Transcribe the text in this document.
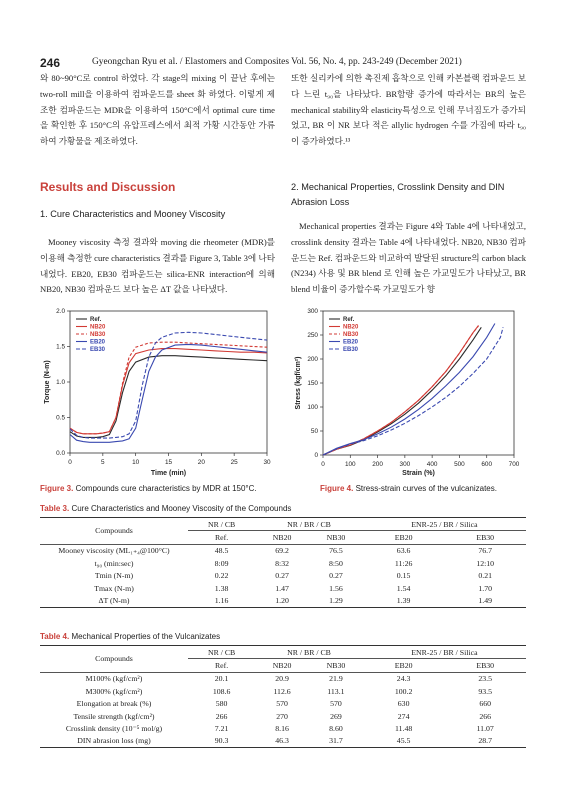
246	Gyeongchan Ryu et al. / Elastomers and Composites Vol. 56, No. 4, pp. 243-249 (December 2021)

와 80~90°C로 control 하였다. 각 stage의 mixing 이 끝난 후에는 two-roll mill을 이용하여 컴파운드를 sheet 화 하였다. 이렇게 제조한 컴파운드는 MDR을 이용하여 150°C에서 optimal cure time을 확인한 후 150°C의 유압프레스에서 최적 가황 시간동안 가류하여 가황물을 제조하였다.

Results and Discussion
1. Cure Characteristics and Mooney Viscosity

Mooney viscosity 측정 결과와 moving die rheometer (MDR)를 이용해 측정한 cure characteristics 결과를 Figure 3, Table 3에 나타내었다. EB20, EB30 컴파운드는 silica-ENR interaction에 의해 NB20, NB30 컴파운드 보다 높은 ΔT 값을 나타냈다.

또한 실리카에 의한 촉진제 흡착으로 인해 카본블랙 컴파운드 보다 느린 t₉₀을 나타났다. BR함량 증가에 따라서는 BR의 높은 mechanical stability와 elasticity특성으로 인해 무너짐도가 증가되었고, BR 이 NR 보다 적은 allylic hydrogen 수를 가짐에 따라 t₉₀이 증가하였다.¹³

2. Mechanical Properties, Crosslink Density and DIN Abrasion Loss

Mechanical properties 결과는 Figure 4와 Table 4에 나타내었고, crosslink density 결과는 Table 4에 나타내었다. NB20, NB30 컴파운드는 Ref. 컴파운드와 비교하여 발달된 structure의 carbon black (N234) 사용 및 BR blend 로 인해 높은 가교밀도가 나타났고, BR blend 비율이 증가할수록 가교밀도가 향

0	5	10	15	20	25	30
0.0
0.5
1.0
1.5
2.0
Time (min)
Torque (N-m)
Ref.
NB20
NB30
EB20
EB30
Figure 3. Compounds cure characteristics by MDR at 150°C.
0	100	200	300	400	500	600	700
0
50
100
150
200
250
300
Strain (%)
Stress (kgf/cm²)
Ref.
NB20
NB30
EB20
EB30
Figure 4. Stress-strain curves of the vulcanizates.
Table 3. Cure Characteristics and Mooney Viscosity of the Compounds
Compounds	NR / CB	NR / BR / CB		ENR-25 / BR / Silica	
	Ref.	NB20	NB30	EB20	EB30
Mooney viscosity (ML₁₊₄@100°C)	48.5	69.2	76.5	63.6	76.7
t₉₀ (min:sec)	8:09	8:32	8:50	11:26	12:10
Tmin (N-m)	0.22	0.27	0.27	0.15	0.21
Tmax (N-m)	1.38	1.47	1.56	1.54	1.70
ΔT (N-m)	1.16	1.20	1.29	1.39	1.49
Table 4. Mechanical Properties of the Vulcanizates
Compounds	NR / CB	NR / BR / CB		ENR-25 / BR / Silica	
	Ref.	NB20	NB30	EB20	EB30
M100% (kgf/cm²)	20.1	20.9	21.9	24.3	23.5
M300% (kgf/cm²)	108.6	112.6	113.1	100.2	93.5
Elongation at break (%)	580	570	570	630	660
Tensile strength (kgf/cm²)	266	270	269	274	266
Crosslink density (10⁻⁵ mol/g)	7.21	8.16	8.60	11.48	11.07
DIN abrasion loss (mg)	90.3	46.3	31.7	45.5	28.7
